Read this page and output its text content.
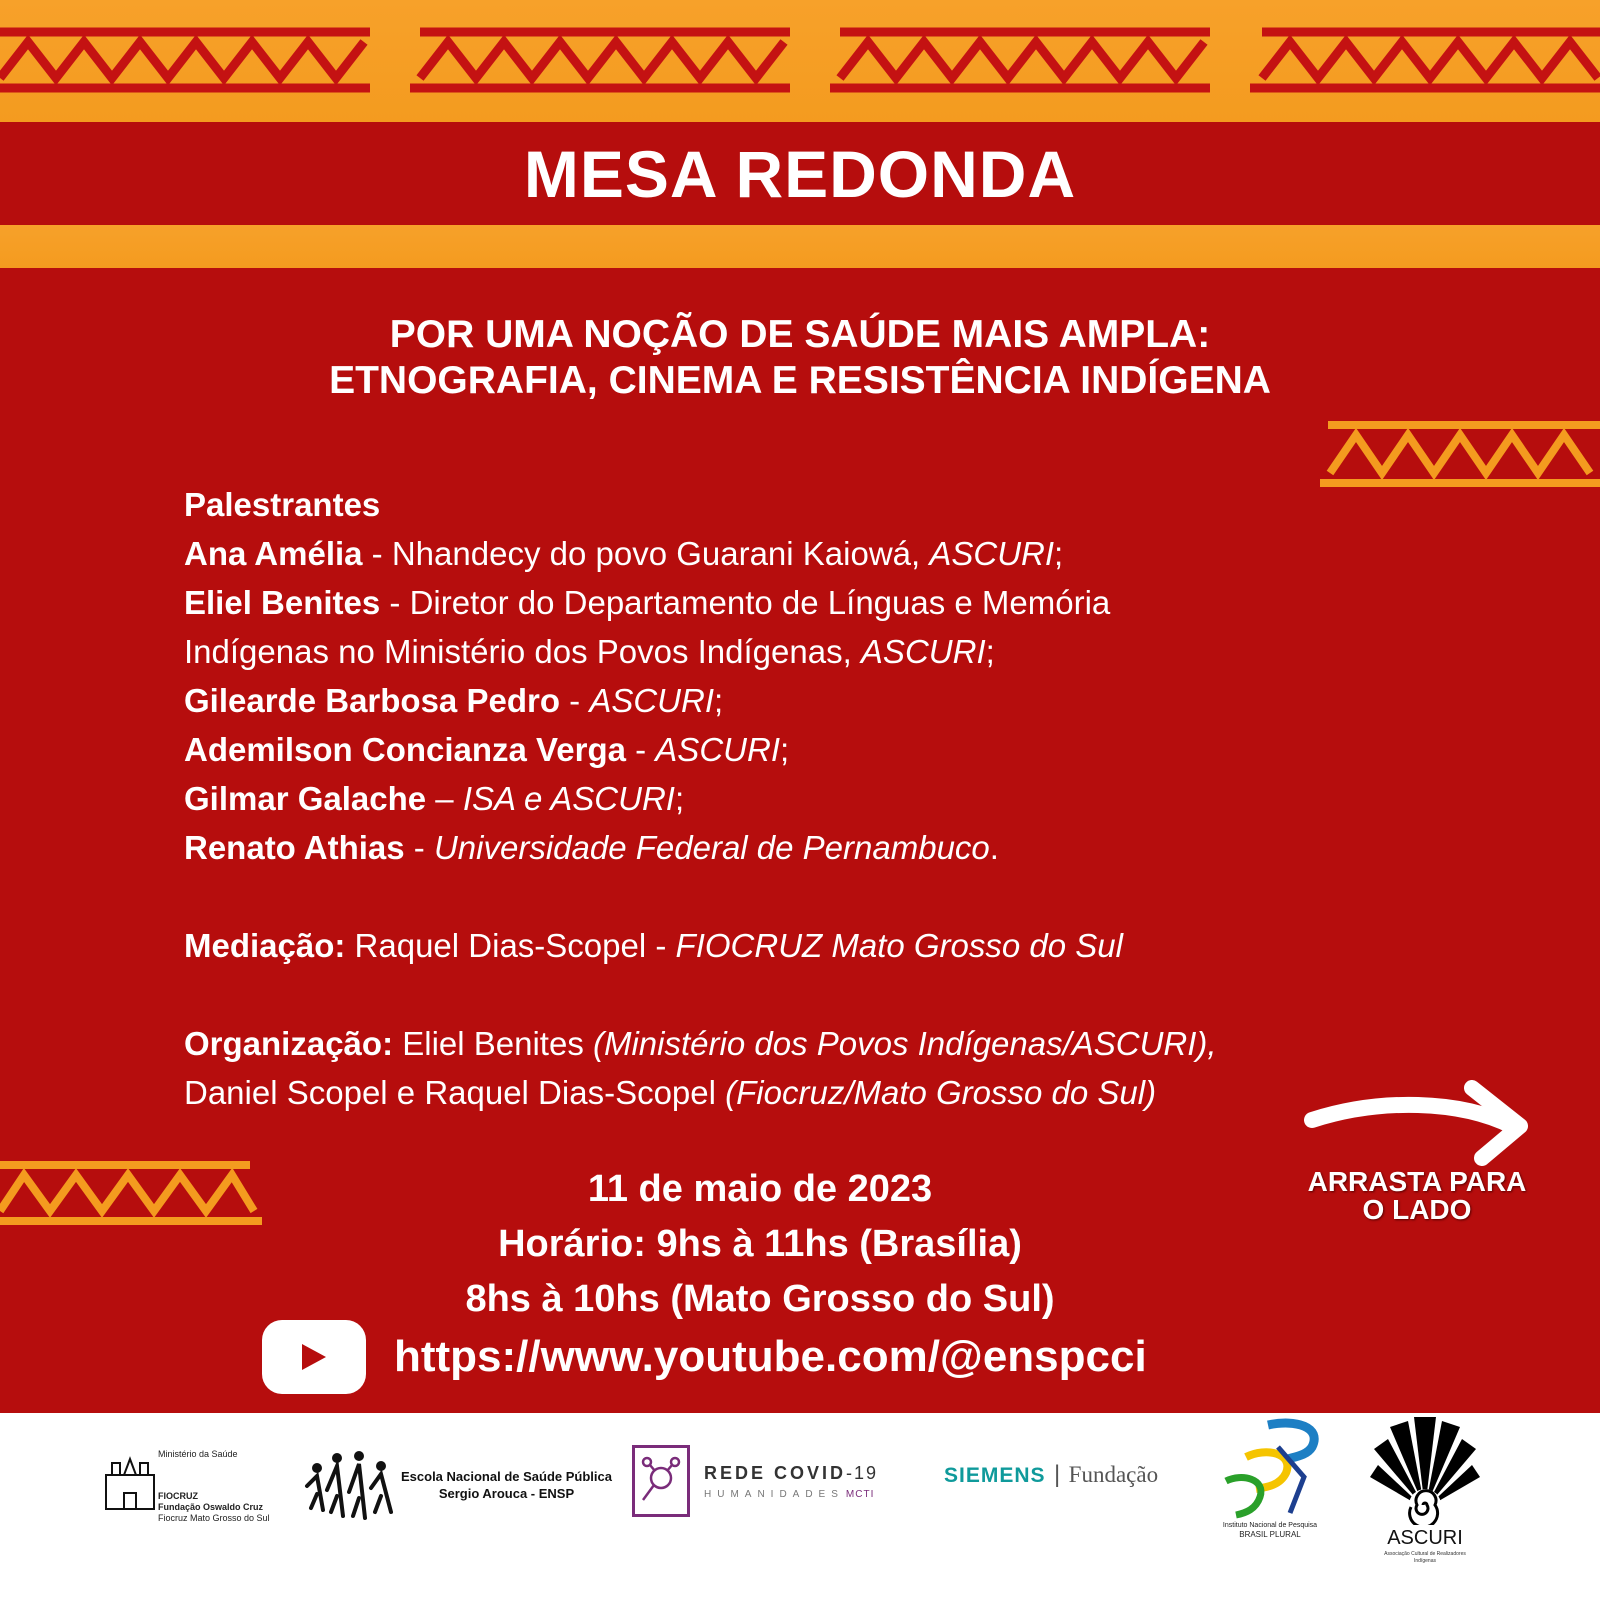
MESA REDONDA
POR UMA NOÇÃO DE SAÚDE MAIS AMPLA:
ETNOGRAFIA, CINEMA E RESISTÊNCIA INDÍGENA
Palestrantes
Ana Amélia - Nhandecy do povo Guarani Kaiowá, ASCURI;
Eliel Benites - Diretor do Departamento de Línguas e Memória
Indígenas no Ministério dos Povos Indígenas, ASCURI;
Gilearde Barbosa Pedro - ASCURI;
Ademilson Concianza Verga - ASCURI;
Gilmar Galache – ISA e ASCURI;
Renato Athias - Universidade Federal de Pernambuco.
Mediação: Raquel Dias-Scopel - FIOCRUZ Mato Grosso do Sul
Organização: Eliel Benites (Ministério dos Povos Indígenas/ASCURI),
Daniel Scopel e Raquel Dias-Scopel (Fiocruz/Mato Grosso do Sul)
11 de maio de 2023
Horário: 9hs à 11hs (Brasília)
8hs à 10hs (Mato Grosso do Sul)
https://www.youtube.com/@enspcci
ARRASTA PARA
O LADO
Ministério da Saúde
FIOCRUZ
Fundação Oswaldo Cruz
Fiocruz Mato Grosso do Sul
Escola Nacional de Saúde Pública
Sergio Arouca - ENSP
REDE COVID-19
HUMANIDADES MCTI
SIEMENS | Fundação
Instituto Nacional de Pesquisa
BRASIL PLURAL	ASCURI
Associação Cultural de Realizadores Indígenas
